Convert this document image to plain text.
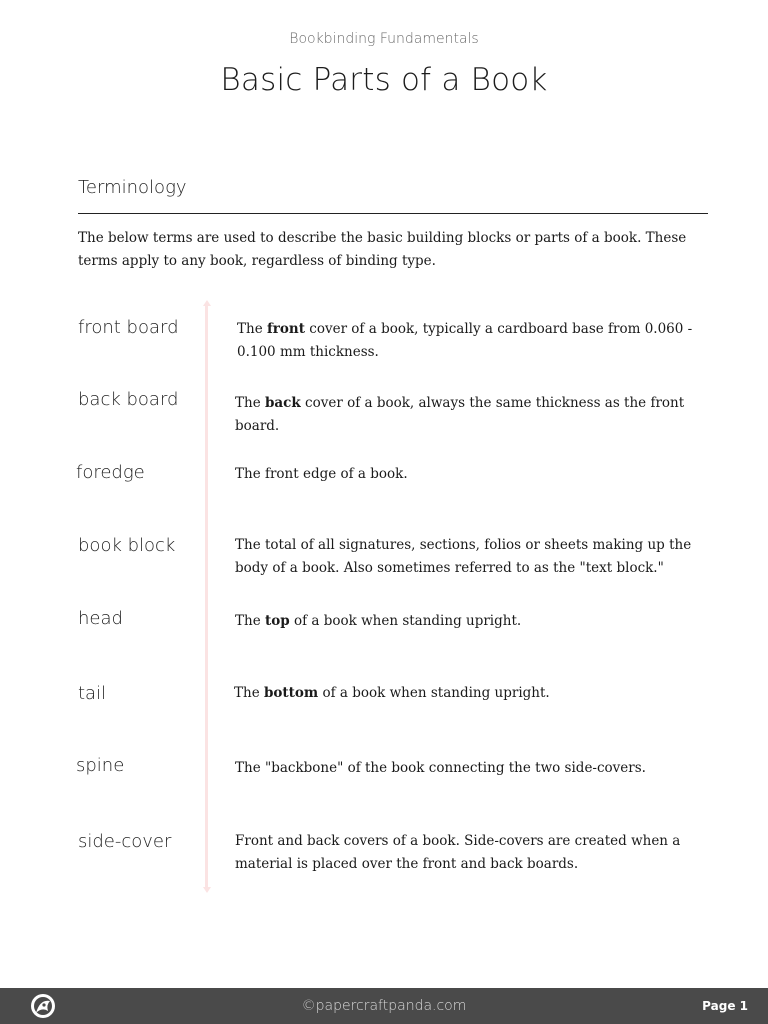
Bookbinding Fundamentals
Basic Parts of a Book
Terminology
The below terms are used to describe the basic building blocks or parts of a book. These terms apply to any book, regardless of binding type.
front board	The front cover of a book, typically a cardboard base from 0.060 - 0.100 mm thickness.
back board	The back cover of a book, always the same thickness as the front board.
foredge	The front edge of a book.
book block	The total of all signatures, sections, folios or sheets making up the body of a book. Also sometimes referred to as the "text block."
head	The top of a book when standing upright.
tail	The bottom of a book when standing upright.
spine	The "backbone" of the book connecting the two side-covers.
side-cover	Front and back covers of a book. Side-covers are created when a material is placed over the front and back boards.
©papercraftpanda.com	Page 1
